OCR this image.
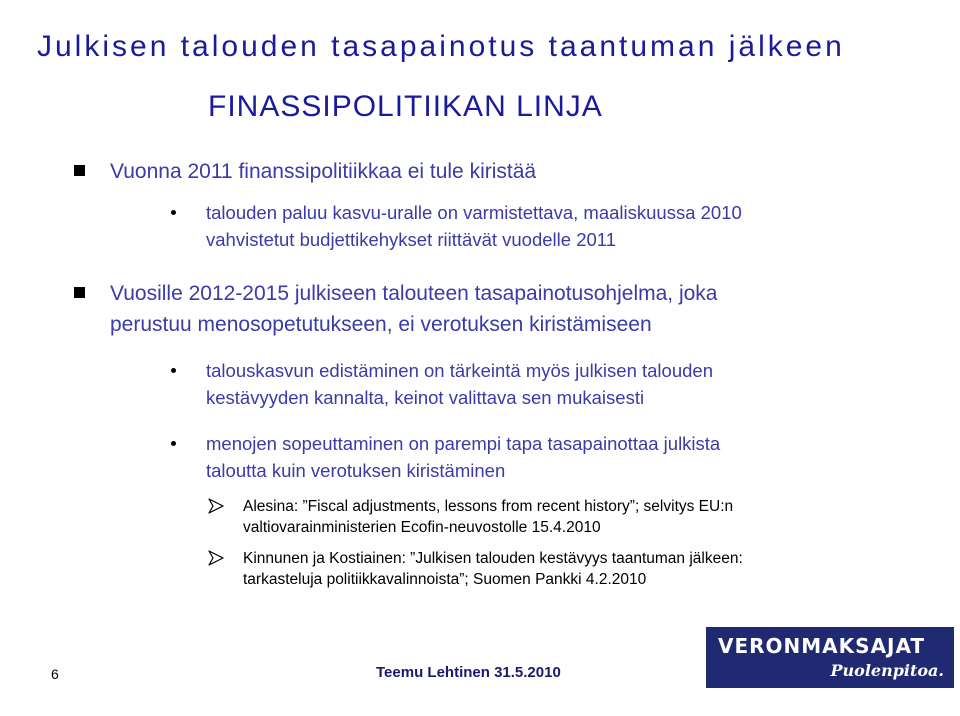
Julkisen talouden tasapainotus taantuman jälkeen
FINASSIPOLITIIKAN LINJA
Vuonna 2011 finanssipolitiikkaa ei tule kiristää
talouden paluu kasvu-uralle on varmistettava, maaliskuussa 2010
vahvistetut budjettikehykset riittävät vuodelle 2011
Vuosille 2012-2015 julkiseen talouteen tasapainotusohjelma, joka
perustuu menosopetutukseen, ei verotuksen kiristämiseen
talouskasvun edistäminen on tärkeintä myös julkisen talouden
kestävyyden kannalta, keinot valittava sen mukaisesti
menojen sopeuttaminen on parempi tapa tasapainottaa julkista
taloutta kuin verotuksen kiristäminen
Alesina: ”Fiscal adjustments, lessons from recent history”; selvitys EU:n
valtiovarainministerien Ecofin-neuvostolle 15.4.2010
Kinnunen ja Kostiainen: ”Julkisen talouden kestävyys taantuman jälkeen:
tarkasteluja politiikkavalinnoista”; Suomen Pankki 4.2.2010
6	Teemu Lehtinen 31.5.2010
VERONMAKSAJAT
Puolenpitoa.
